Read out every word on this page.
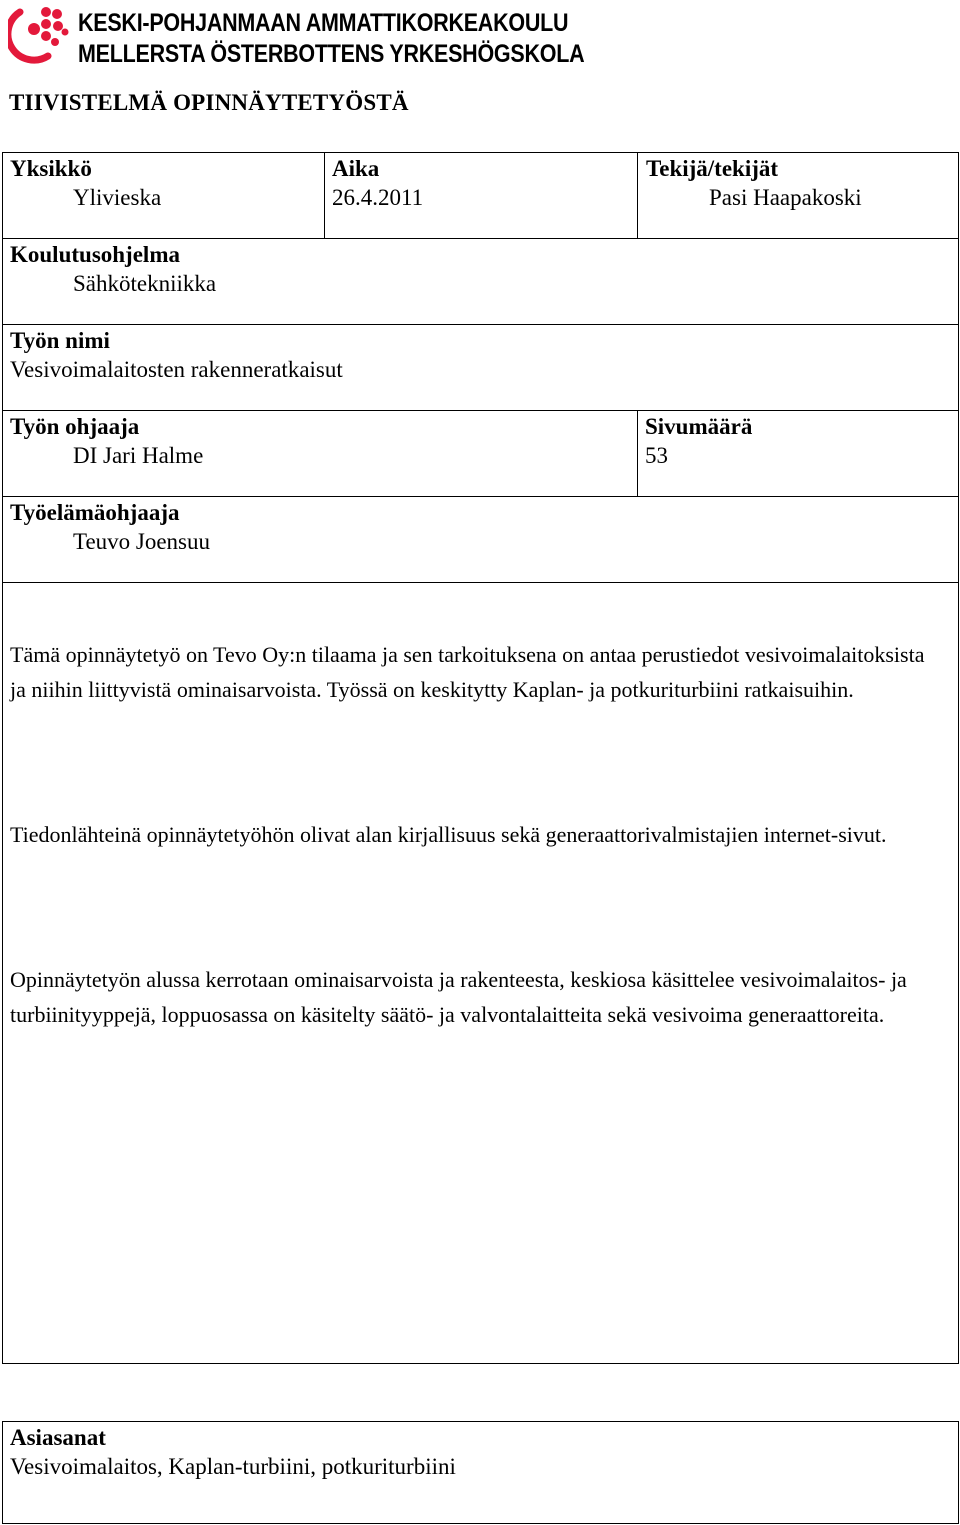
KESKI-POHJANMAAN AMMATTIKORKEAKOULU
MELLERSTA ÖSTERBOTTENS YRKESHÖGSKOLA
TIIVISTELMÄ OPINNÄYTETYÖSTÄ
Yksikkö
Ylivieska
Aika
26.4.2011
Tekijä/tekijät
Pasi Haapakoski
Koulutusohjelma
Sähkötekniikka
Työn nimi
Vesivoimalaitosten rakenneratkaisut
Työn ohjaaja
DI Jari Halme
Sivumäärä
53
Työelämäohjaaja
Teuvo Joensuu
Tämä opinnäytetyö on Tevo Oy:n tilaama ja sen tarkoituksena on antaa perustiedot vesivoimalaitoksista ja niihin liittyvistä ominaisarvoista. Työssä on keskitytty Kaplan- ja potkuriturbiini ratkaisuihin.
Tiedonlähteinä opinnäytetyöhön olivat alan kirjallisuus sekä generaattorivalmistajien internet-sivut.
Opinnäytetyön alussa kerrotaan ominaisarvoista ja rakenteesta, keskiosa käsittelee vesivoimalaitos- ja turbiinityyppejä, loppuosassa on käsitelty säätö- ja valvontalaitteita sekä vesivoima generaattoreita.
Asiasanat
Vesivoimalaitos, Kaplan-turbiini, potkuriturbiini
